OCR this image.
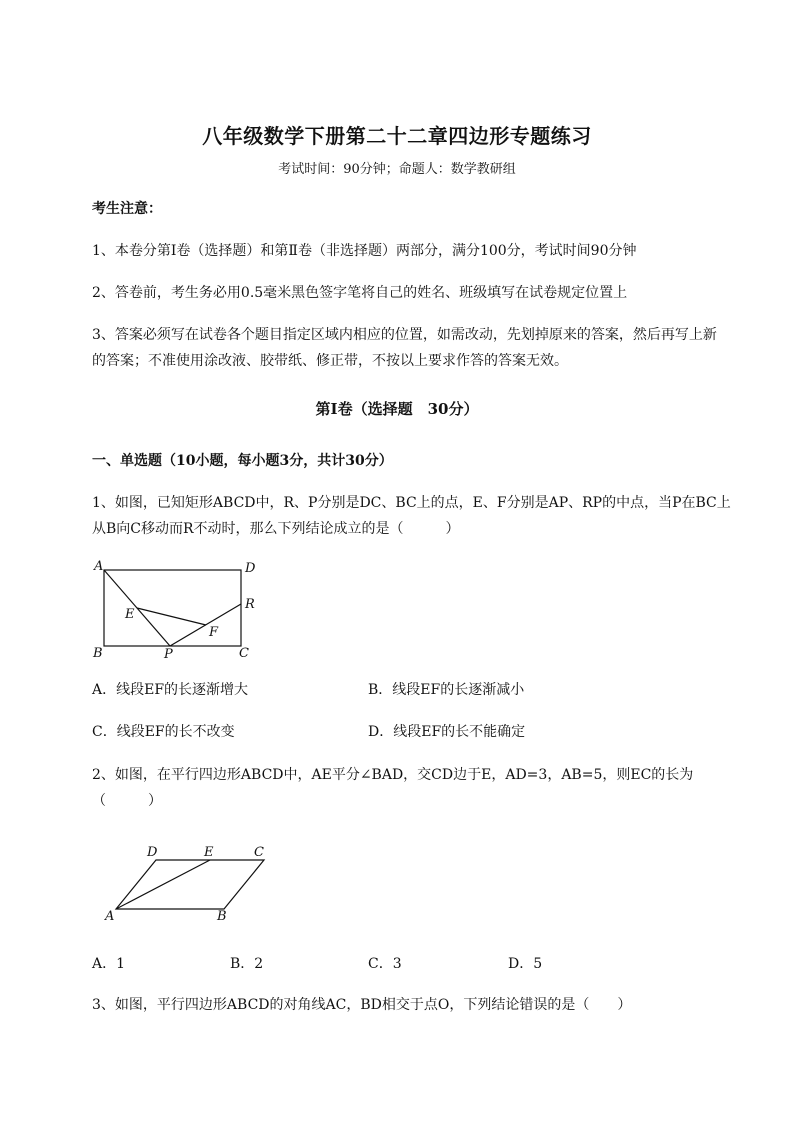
八年级数学下册第二十二章四边形专题练习
考试时间：90分钟；命题人：数学教研组
考生注意：
1、本卷分第I卷（选择题）和第Ⅱ卷（非选择题）两部分，满分100分，考试时间90分钟
2、答卷前，考生务必用0.5毫米黑色签字笔将自己的姓名、班级填写在试卷规定位置上
3、答案必须写在试卷各个题目指定区域内相应的位置，如需改动，先划掉原来的答案，然后再写上新
的答案；不准使用涂改液、胶带纸、修正带，不按以上要求作答的答案无效。
第I卷（选择题　30分）
一、单选题（10小题，每小题3分，共计30分）
1、如图，已知矩形ABCD中，R、P分别是DC、BC上的点，E、F分别是AP、RP的中点，当P在BC上
从B向C移动而R不动时，那么下列结论成立的是（　　　）
A	D
E
R
F
B	P	C
A．线段EF的长逐渐增大	B．线段EF的长逐渐减小
C．线段EF的长不改变	D．线段EF的长不能确定
2、如图，在平行四边形ABCD中，AE平分∠BAD，交CD边于E，AD=3，AB=5，则EC的长为
（　　　）
D	E	C
A	B
A．1	B．2	C．3	D．5
3、如图，平行四边形ABCD的对角线AC，BD相交于点O，下列结论错误的是（　　）
